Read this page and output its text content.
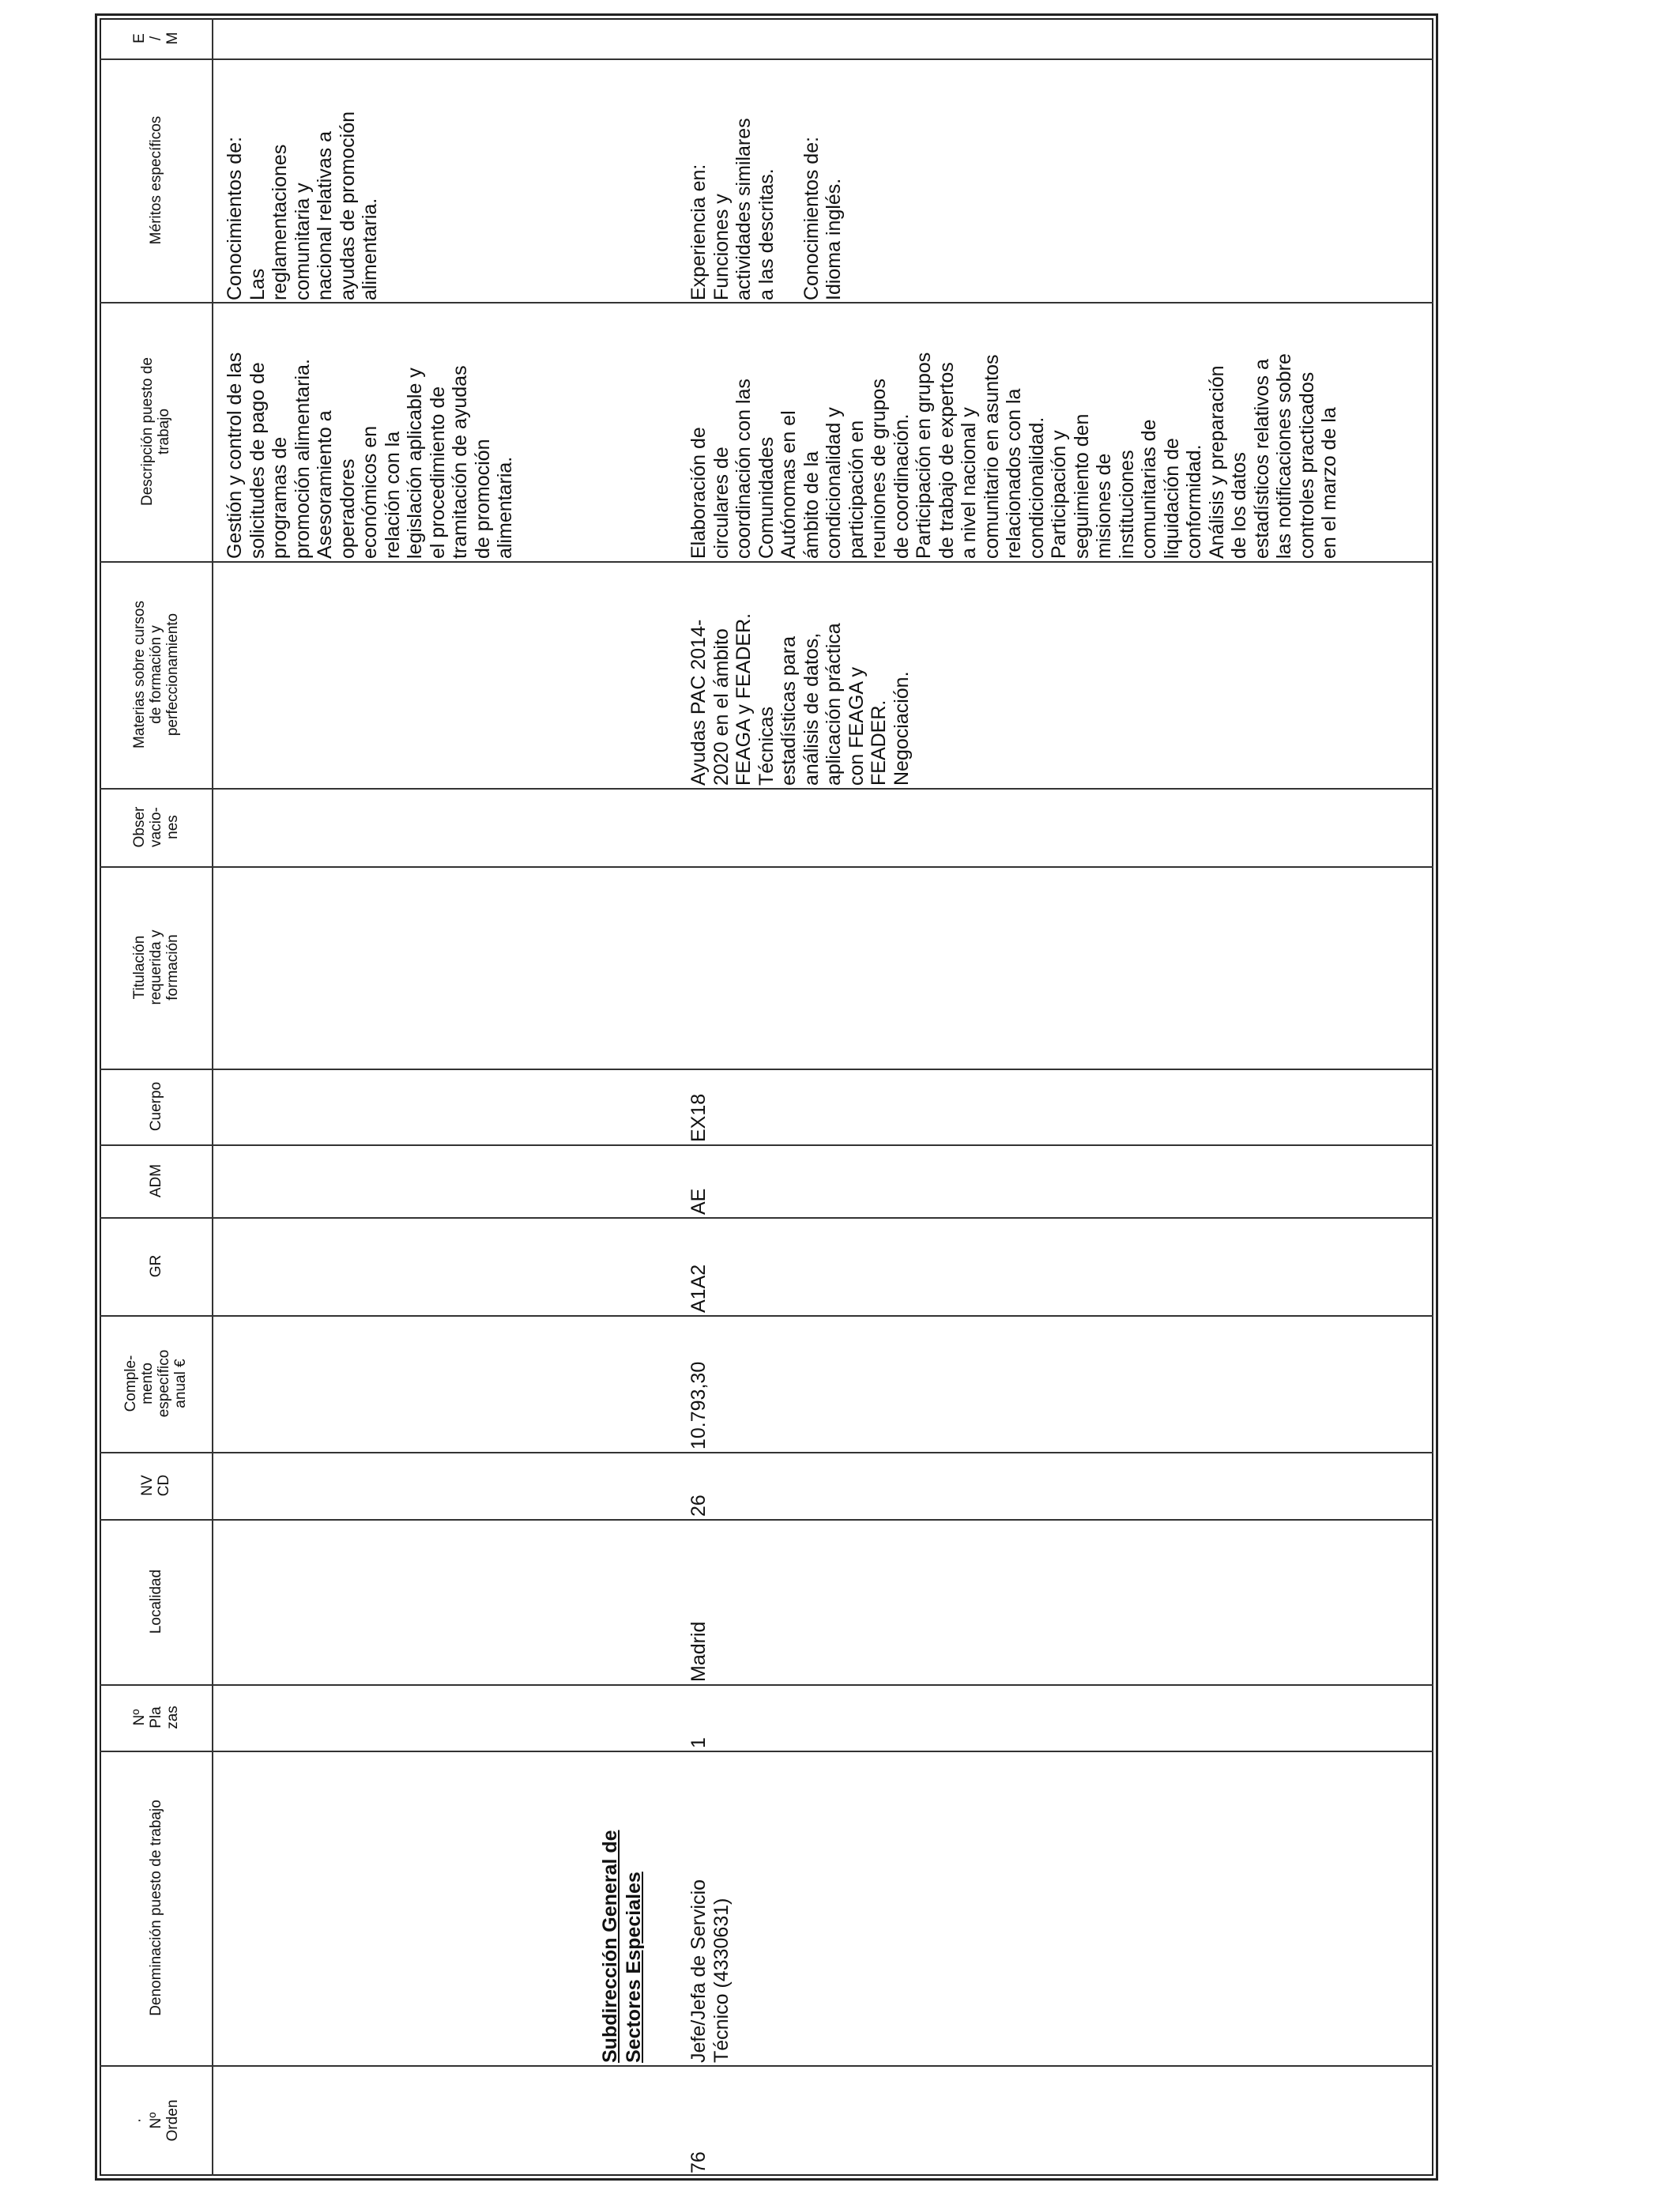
E
/
M
Méritos específicos
Descripción puesto de
trabajo
Materias sobre cursos
de formación y
perfeccionamiento
Obser
vacio-
nes
Titulación
requerida y
formación
Cuerpo
ADM
GR
Comple-
mento
específico
anual €
NV
CD
Localidad
Nº
Pla
zas
Denominación puesto de trabajo
·
Nº
Orden
Conocimientos de:
Las
reglamentaciones
comunitaria y
nacional relativas a
ayudas de promoción
alimentaria.
Gestión y control de las
solicitudes de pago de
programas de
promoción alimentaria.
Asesoramiento a
operadores
económicos en
relación con la
legislación aplicable y
el procedimiento de
tramitación de ayudas
de promoción
alimentaria.
Subdirección General de
Sectores Especiales
76
Jefe/Jefa de Servicio
Técnico (4330631)
1
Madrid
26
10.793,30
A1A2
AE
EX18
Ayudas PAC 2014-
2020 en el ámbito
FEAGA y FEADER.
Técnicas
estadísticas para
análisis de datos,
aplicación práctica
con FEAGA y
FEADER.
Negociación.
Elaboración de
circulares de
coordinación con las
Comunidades
Autónomas en el
ámbito de la
condicionalidad y
participación en
reuniones de grupos
de coordinación.
Participación en grupos
de trabajo de expertos
a nivel nacional y
comunitario en asuntos
relacionados con la
condicionalidad.
Participación y
seguimiento den
misiones de
instituciones
comunitarias de
liquidación de
conformidad.
Análisis y preparación
de los datos
estadísticos relativos a
las notificaciones sobre
controles practicados
en el marzo de la
Experiencia en:
Funciones y
actividades similares
a las descritas.

Conocimientos de:
Idioma inglés.
